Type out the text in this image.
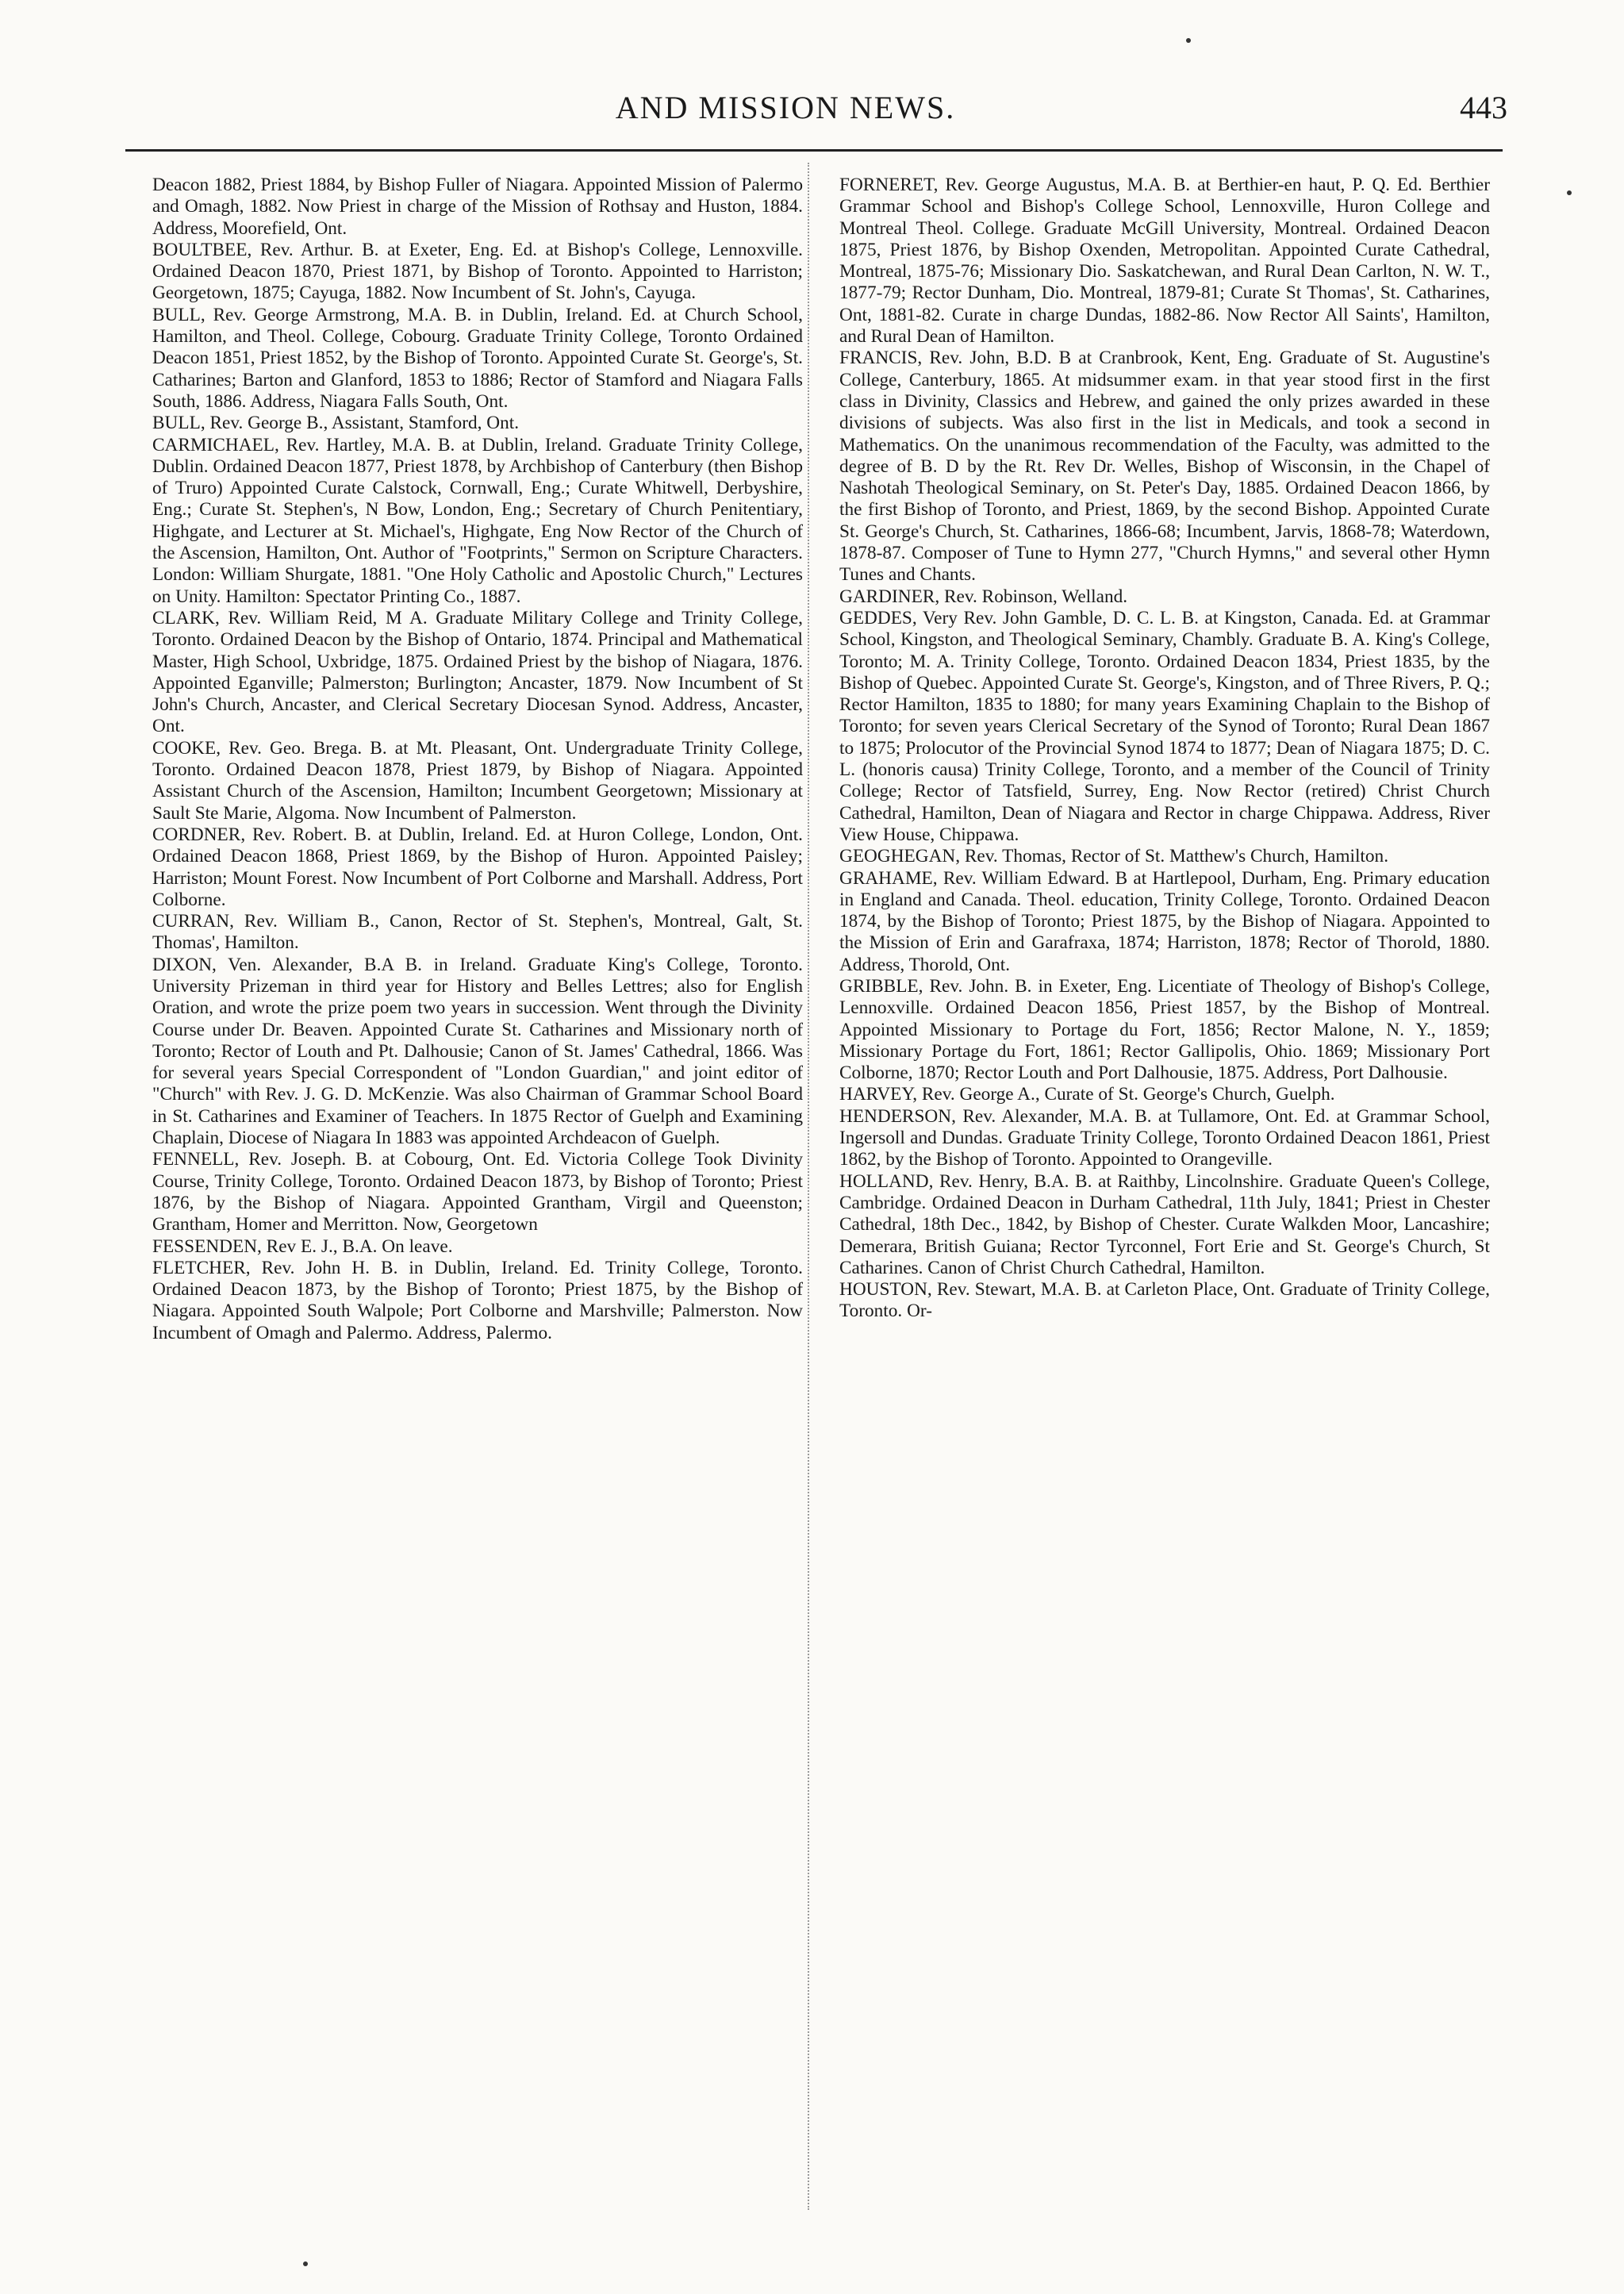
AND MISSION NEWS.	443

Deacon 1882, Priest 1884, by Bishop Fuller of Niagara. Appointed Mission of Palermo and Omagh, 1882. Now Priest in charge of the Mission of Rothsay and Huston, 1884. Address, Moorefield, Ont.

BOULTBEE, Rev. Arthur. B. at Exeter, Eng. Ed. at Bishop's College, Lennoxville. Ordained Deacon 1870, Priest 1871, by Bishop of Toronto. Appointed to Harriston; Georgetown, 1875; Cayuga, 1882. Now Incumbent of St. John's, Cayuga.

BULL, Rev. George Armstrong, M.A. B. in Dublin, Ireland. Ed. at Church School, Hamilton, and Theol. College, Cobourg. Graduate Trinity College, Toronto Ordained Deacon 1851, Priest 1852, by the Bishop of Toronto. Appointed Curate St. George's, St. Catharines; Barton and Glanford, 1853 to 1886; Rector of Stamford and Niagara Falls South, 1886. Address, Niagara Falls South, Ont.

BULL, Rev. George B., Assistant, Stamford, Ont.

CARMICHAEL, Rev. Hartley, M.A. B. at Dublin, Ireland. Graduate Trinity College, Dublin. Ordained Deacon 1877, Priest 1878, by Archbishop of Canterbury (then Bishop of Truro) Appointed Curate Calstock, Cornwall, Eng.; Curate Whitwell, Derbyshire, Eng.; Curate St. Stephen's, N Bow, London, Eng.; Secretary of Church Penitentiary, Highgate, and Lecturer at St. Michael's, Highgate, Eng Now Rector of the Church of the Ascension, Hamilton, Ont. Author of "Footprints," Sermon on Scripture Characters. London: William Shurgate, 1881. "One Holy Catholic and Apostolic Church," Lectures on Unity. Hamilton: Spectator Printing Co., 1887.

CLARK, Rev. William Reid, M A. Graduate Military College and Trinity College, Toronto. Ordained Deacon by the Bishop of Ontario, 1874. Principal and Mathematical Master, High School, Uxbridge, 1875. Ordained Priest by the bishop of Niagara, 1876. Appointed Eganville; Palmerston; Burlington; Ancaster, 1879. Now Incumbent of St John's Church, Ancaster, and Clerical Secretary Diocesan Synod. Address, Ancaster, Ont.

COOKE, Rev. Geo. Brega. B. at Mt. Pleasant, Ont. Undergraduate Trinity College, Toronto. Ordained Deacon 1878, Priest 1879, by Bishop of Niagara. Appointed Assistant Church of the Ascension, Hamilton; Incumbent Georgetown; Missionary at Sault Ste Marie, Algoma. Now Incumbent of Palmerston.

CORDNER, Rev. Robert. B. at Dublin, Ireland. Ed. at Huron College, London, Ont. Ordained Deacon 1868, Priest 1869, by the Bishop of Huron. Appointed Paisley; Harriston; Mount Forest. Now Incumbent of Port Colborne and Marshall. Address, Port Colborne.

CURRAN, Rev. William B., Canon, Rector of St. Stephen's, Montreal, Galt, St. Thomas', Hamilton.

DIXON, Ven. Alexander, B.A B. in Ireland. Graduate King's College, Toronto. University Prizeman in third year for History and Belles Lettres; also for English Oration, and wrote the prize poem two years in succession. Went through the Divinity Course under Dr. Beaven. Appointed Curate St. Catharines and Missionary north of Toronto; Rector of Louth and Pt. Dalhousie; Canon of St. James' Cathedral, 1866. Was for several years Special Correspondent of "London Guardian," and joint editor of "Church" with Rev. J. G. D. McKenzie. Was also Chairman of Grammar School Board in St. Catharines and Examiner of Teachers. In 1875 Rector of Guelph and Examining Chaplain, Diocese of Niagara In 1883 was appointed Archdeacon of Guelph.

FENNELL, Rev. Joseph. B. at Cobourg, Ont. Ed. Victoria College Took Divinity Course, Trinity College, Toronto. Ordained Deacon 1873, by Bishop of Toronto; Priest 1876, by the Bishop of Niagara. Appointed Grantham, Virgil and Queenston; Grantham, Homer and Merritton. Now, Georgetown

FESSENDEN, Rev E. J., B.A. On leave.

FLETCHER, Rev. John H. B. in Dublin, Ireland. Ed. Trinity College, Toronto. Ordained Deacon 1873, by the Bishop of Toronto; Priest 1875, by the Bishop of Niagara. Appointed South Walpole; Port Colborne and Marshville; Palmerston. Now Incumbent of Omagh and Palermo. Address, Palermo.

FORNERET, Rev. George Augustus, M.A. B. at Berthier-en haut, P. Q. Ed. Berthier Grammar School and Bishop's College School, Lennoxville, Huron College and Montreal Theol. College. Graduate McGill University, Montreal. Ordained Deacon 1875, Priest 1876, by Bishop Oxenden, Metropolitan. Appointed Curate Cathedral, Montreal, 1875-76; Missionary Dio. Saskatchewan, and Rural Dean Carlton, N. W. T., 1877-79; Rector Dunham, Dio. Montreal, 1879-81; Curate St Thomas', St. Catharines, Ont, 1881-82. Curate in charge Dundas, 1882-86. Now Rector All Saints', Hamilton, and Rural Dean of Hamilton.

FRANCIS, Rev. John, B.D. B at Cranbrook, Kent, Eng. Graduate of St. Augustine's College, Canterbury, 1865. At midsummer exam. in that year stood first in the first class in Divinity, Classics and Hebrew, and gained the only prizes awarded in these divisions of subjects. Was also first in the list in Medicals, and took a second in Mathematics. On the unanimous recommendation of the Faculty, was admitted to the degree of B. D by the Rt. Rev Dr. Welles, Bishop of Wisconsin, in the Chapel of Nashotah Theological Seminary, on St. Peter's Day, 1885. Ordained Deacon 1866, by the first Bishop of Toronto, and Priest, 1869, by the second Bishop. Appointed Curate St. George's Church, St. Catharines, 1866-68; Incumbent, Jarvis, 1868-78; Waterdown, 1878-87. Composer of Tune to Hymn 277, "Church Hymns," and several other Hymn Tunes and Chants.

GARDINER, Rev. Robinson, Welland.

GEDDES, Very Rev. John Gamble, D. C. L. B. at Kingston, Canada. Ed. at Grammar School, Kingston, and Theological Seminary, Chambly. Graduate B. A. King's College, Toronto; M. A. Trinity College, Toronto. Ordained Deacon 1834, Priest 1835, by the Bishop of Quebec. Appointed Curate St. George's, Kingston, and of Three Rivers, P. Q.; Rector Hamilton, 1835 to 1880; for many years Examining Chaplain to the Bishop of Toronto; for seven years Clerical Secretary of the Synod of Toronto; Rural Dean 1867 to 1875; Prolocutor of the Provincial Synod 1874 to 1877; Dean of Niagara 1875; D. C. L. (honoris causa) Trinity College, Toronto, and a member of the Council of Trinity College; Rector of Tatsfield, Surrey, Eng. Now Rector (retired) Christ Church Cathedral, Hamilton, Dean of Niagara and Rector in charge Chippawa. Address, River View House, Chippawa.

GEOGHEGAN, Rev. Thomas, Rector of St. Matthew's Church, Hamilton.

GRAHAME, Rev. William Edward. B at Hartlepool, Durham, Eng. Primary education in England and Canada. Theol. education, Trinity College, Toronto. Ordained Deacon 1874, by the Bishop of Toronto; Priest 1875, by the Bishop of Niagara. Appointed to the Mission of Erin and Garafraxa, 1874; Harriston, 1878; Rector of Thorold, 1880. Address, Thorold, Ont.

GRIBBLE, Rev. John. B. in Exeter, Eng. Licentiate of Theology of Bishop's College, Lennoxville. Ordained Deacon 1856, Priest 1857, by the Bishop of Montreal. Appointed Missionary to Portage du Fort, 1856; Rector Malone, N. Y., 1859; Missionary Portage du Fort, 1861; Rector Gallipolis, Ohio. 1869; Missionary Port Colborne, 1870; Rector Louth and Port Dalhousie, 1875. Address, Port Dalhousie.

HARVEY, Rev. George A., Curate of St. George's Church, Guelph.

HENDERSON, Rev. Alexander, M.A. B. at Tullamore, Ont. Ed. at Grammar School, Ingersoll and Dundas. Graduate Trinity College, Toronto Ordained Deacon 1861, Priest 1862, by the Bishop of Toronto. Appointed to Orangeville.

HOLLAND, Rev. Henry, B.A. B. at Raithby, Lincolnshire. Graduate Queen's College, Cambridge. Ordained Deacon in Durham Cathedral, 11th July, 1841; Priest in Chester Cathedral, 18th Dec., 1842, by Bishop of Chester. Curate Walkden Moor, Lancashire; Demerara, British Guiana; Rector Tyrconnel, Fort Erie and St. George's Church, St Catharines. Canon of Christ Church Cathedral, Hamilton.

HOUSTON, Rev. Stewart, M.A. B. at Carleton Place, Ont. Graduate of Trinity College, Toronto. Or-
